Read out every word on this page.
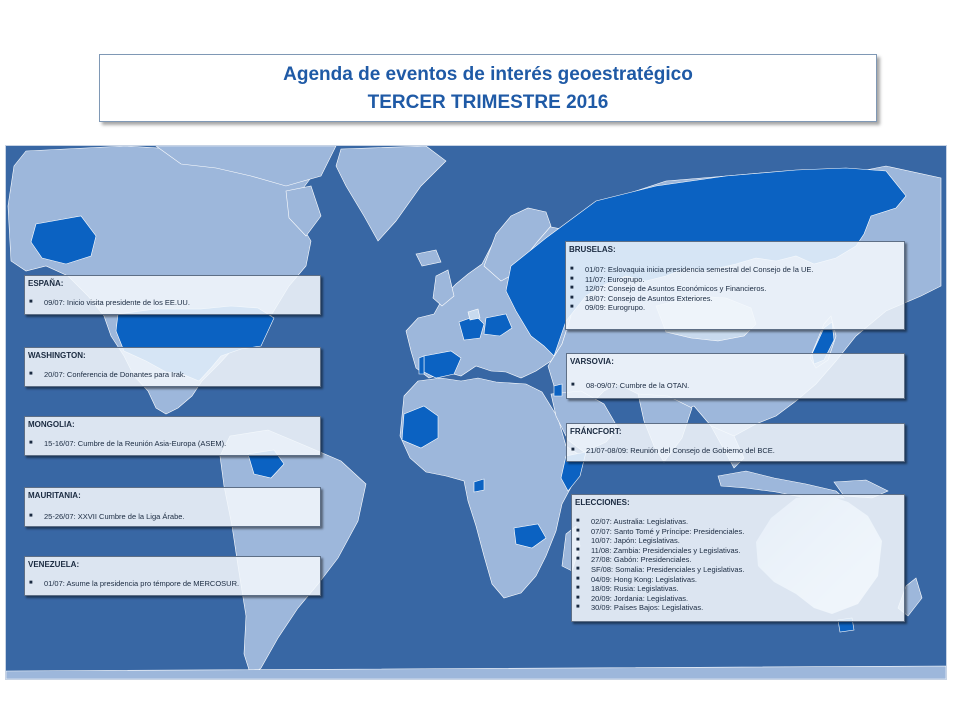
Agenda de eventos de interés geoestratégico
TERCER TRIMESTRE 2016
ESPAÑA:
■ 09/07: Inicio visita presidente de los EE.UU.
WASHINGTON:
■ 20/07: Conferencia de Donantes para Irak.
MONGOLIA:
■ 15-16/07: Cumbre de la Reunión Asia-Europa (ASEM).
MAURITANIA:
■ 25-26/07: XXVII Cumbre de la Liga Árabe.
VENEZUELA:
■ 01/07: Asume la presidencia pro témpore de MERCOSUR.
BRUSELAS:
■ 01/07: Eslovaquia inicia presidencia semestral del Consejo de la UE.
■ 11/07: Eurogrupo.
■ 12/07: Consejo de Asuntos Económicos y Financieros.
■ 18/07: Consejo de Asuntos Exteriores.
■ 09/09: Eurogrupo.
VARSOVIA:
■ 08-09/07: Cumbre de la OTAN.
FRÁNCFORT:
■ 21/07-08/09: Reunión del Consejo de Gobierno del BCE.
ELECCIONES:
■ 02/07: Australia: Legislativas.
■ 07/07: Santo Tomé y Príncipe: Presidenciales.
■ 10/07: Japón: Legislativas.
■ 11/08: Zambia: Presidenciales y Legislativas.
■ 27/08: Gabón: Presidenciales.
■ SF/08: Somalia: Presidenciales y Legislativas.
■ 04/09: Hong Kong: Legislativas.
■ 18/09: Rusia: Legislativas.
■ 20/09: Jordania: Legislativas.
■ 30/09: Países Bajos: Legislativas.
